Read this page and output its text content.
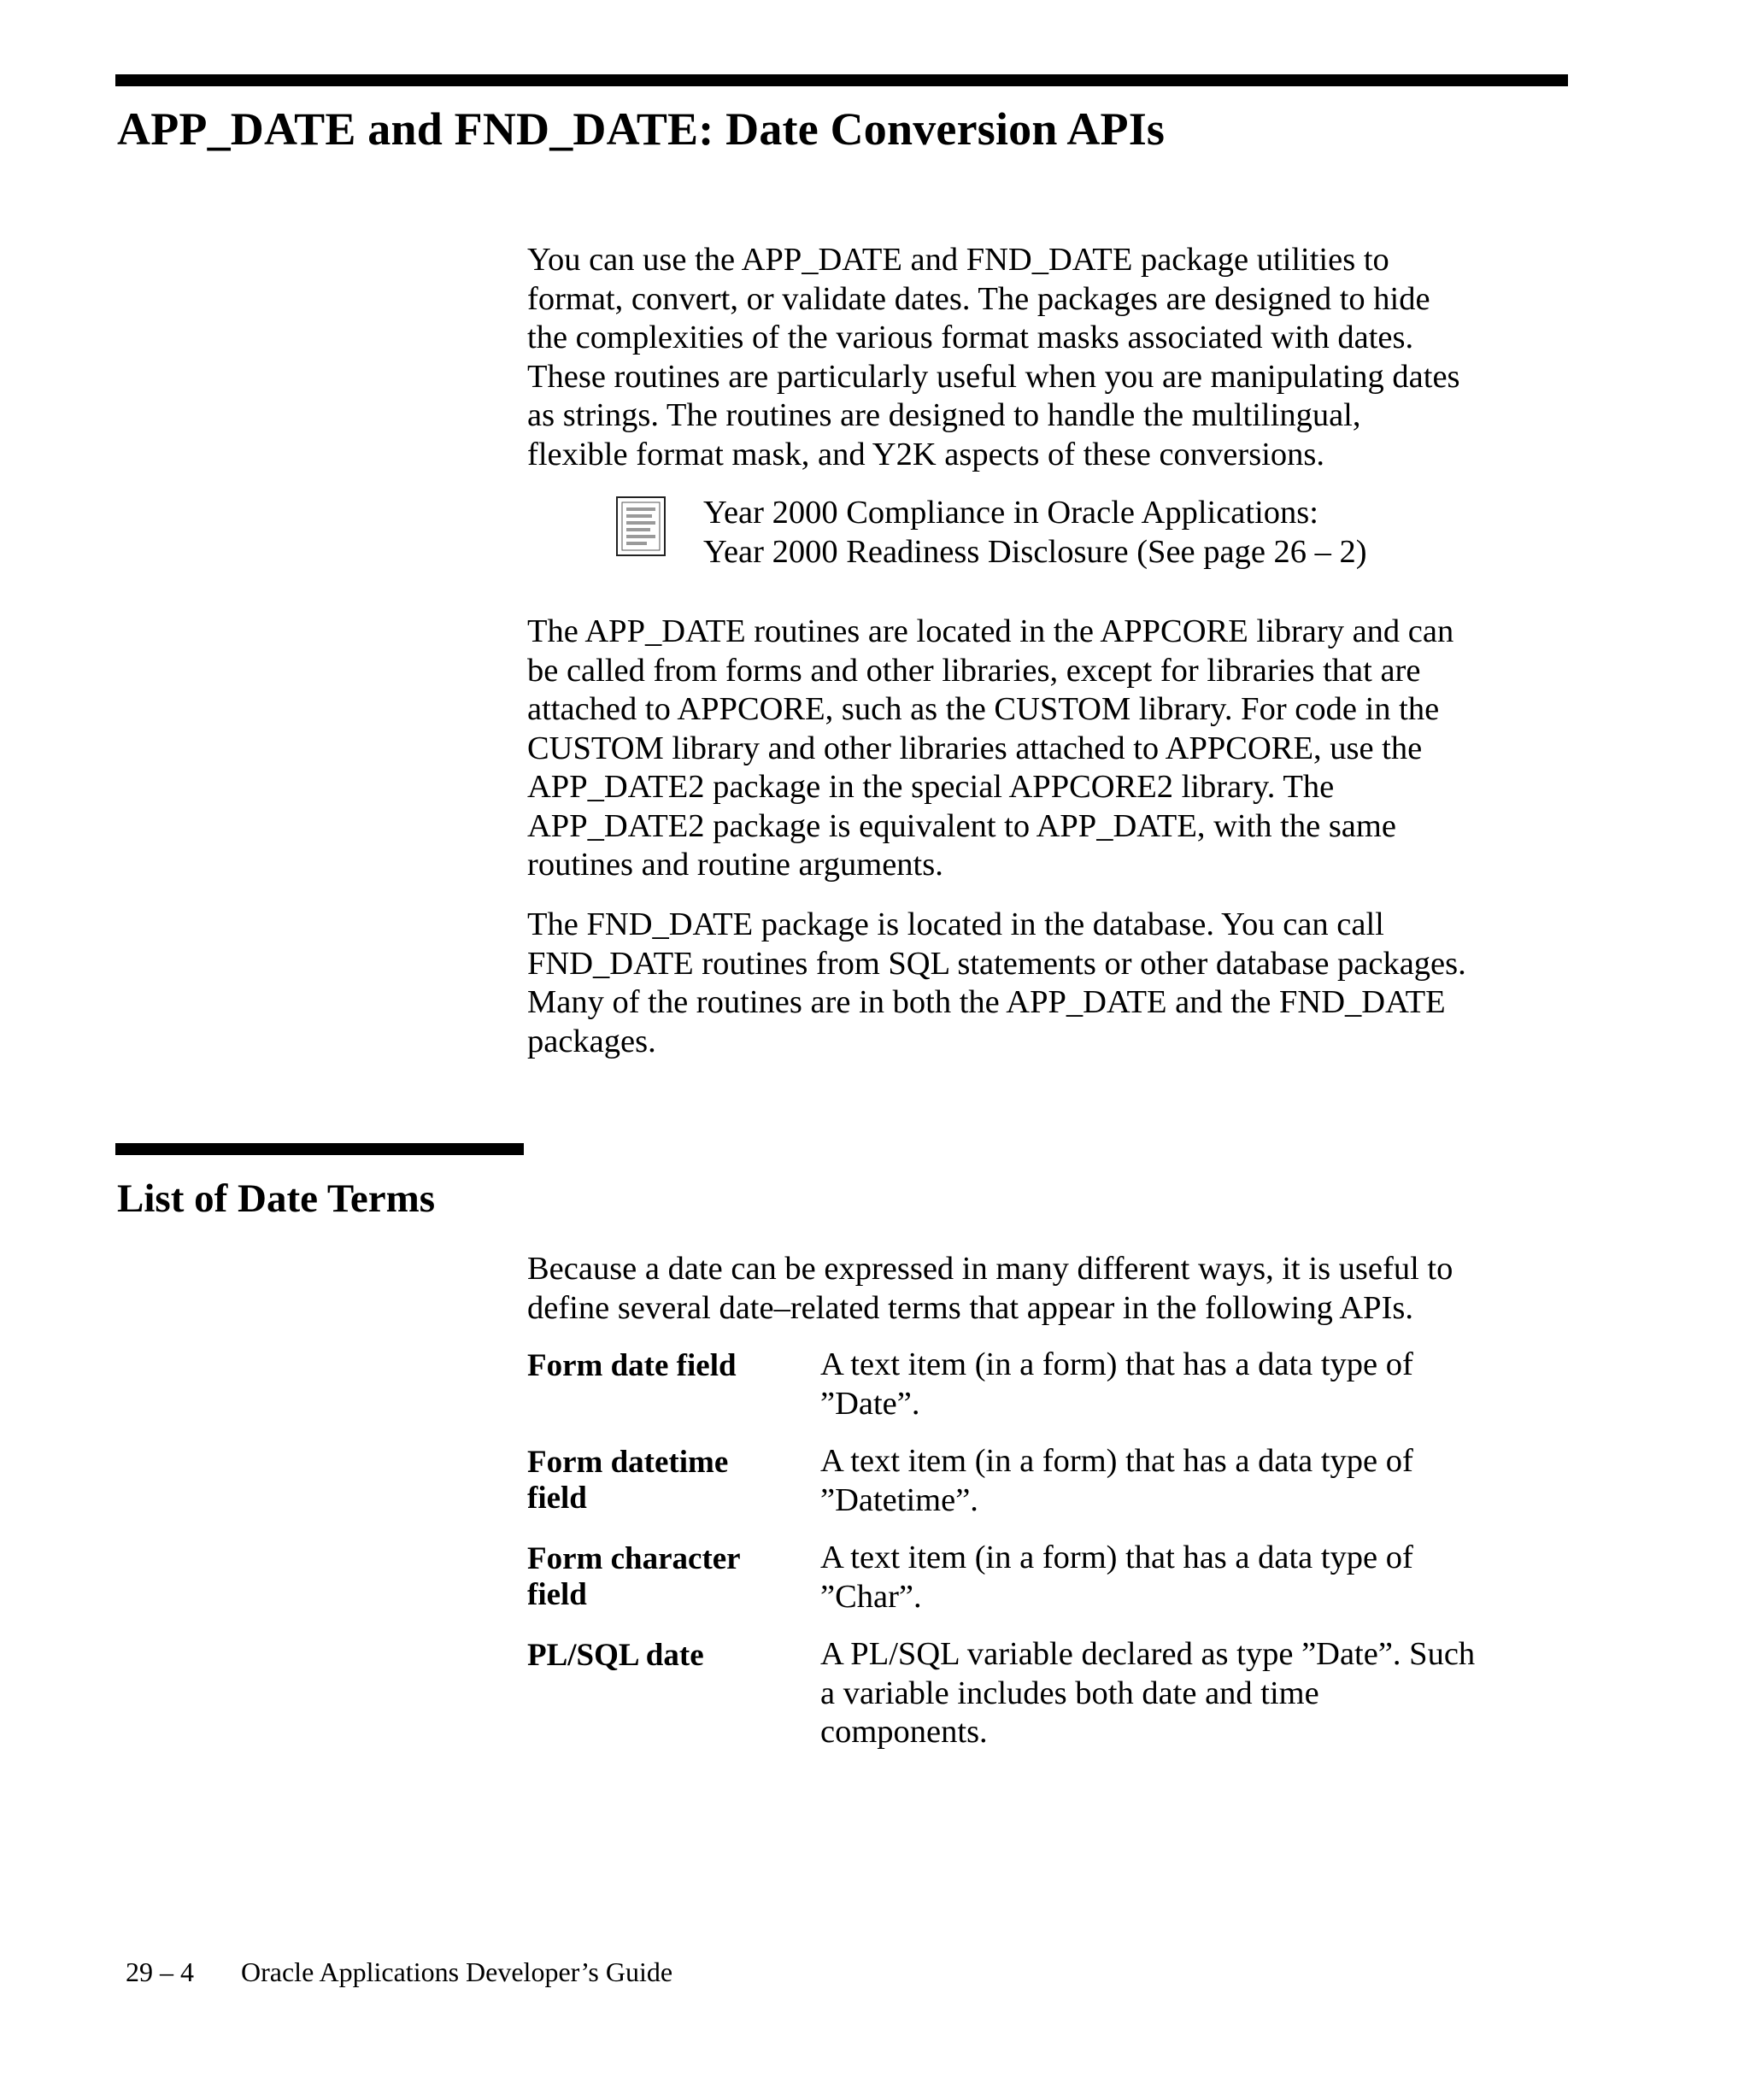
APP_DATE and FND_DATE: Date Conversion APIs

You can use the APP_DATE and FND_DATE package utilities to
format, convert, or validate dates. The packages are designed to hide
the complexities of the various format masks associated with dates.
These routines are particularly useful when you are manipulating dates
as strings. The routines are designed to handle the multilingual,
flexible format mask, and Y2K aspects of these conversions.

Year 2000 Compliance in Oracle Applications:
Year 2000 Readiness Disclosure (See page 26 – 2)

The APP_DATE routines are located in the APPCORE library and can
be called from forms and other libraries, except for libraries that are
attached to APPCORE, such as the CUSTOM library. For code in the
CUSTOM library and other libraries attached to APPCORE, use the
APP_DATE2 package in the special APPCORE2 library. The
APP_DATE2 package is equivalent to APP_DATE, with the same
routines and routine arguments.

The FND_DATE package is located in the database. You can call
FND_DATE routines from SQL statements or other database packages.
Many of the routines are in both the APP_DATE and the FND_DATE
packages.

List of Date Terms

Because a date can be expressed in many different ways, it is useful to
define several date–related terms that appear in the following APIs.

Form date field	A text item (in a form) that has a data type of
”Date”.
Form datetime
field
A text item (in a form) that has a data type of
”Datetime”.
Form character
field
A text item (in a form) that has a data type of
”Char”.
PL/SQL date	A PL/SQL variable declared as type ”Date”. Such
a variable includes both date and time
components.
29 – 4 Oracle Applications Developer’s Guide
